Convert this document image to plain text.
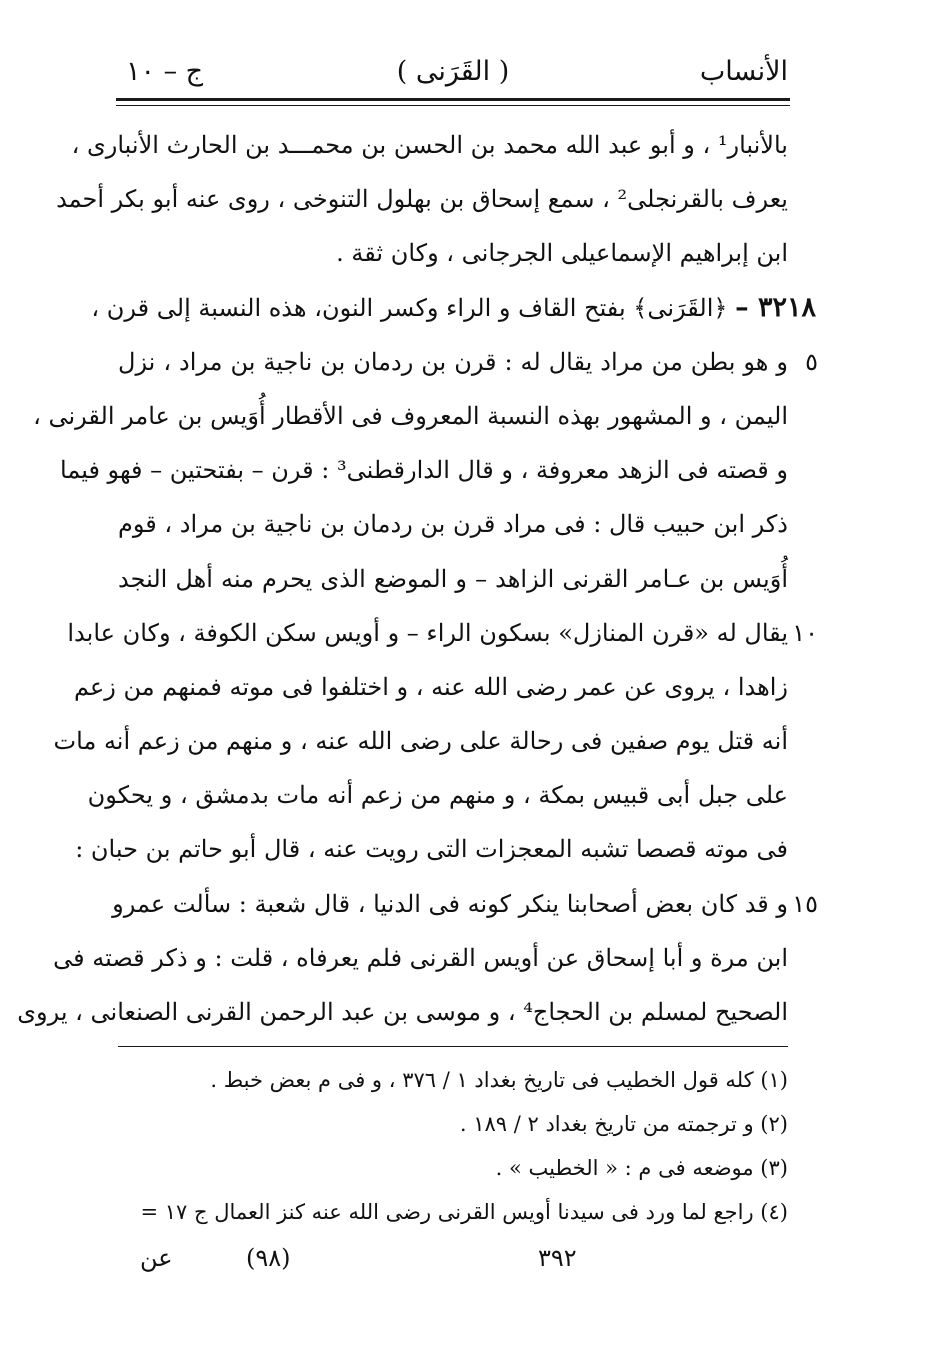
الأنساب
( القَرَنى )
ج – ١٠
بالأنبار¹ ، و أبو عبد الله محمد بن الحسن بن محمـــد بن الحارث الأنبارى ،
يعرف بالقرنجلى² ، سمع إسحاق بن بهلول التنوخى ، روى عنه أبو بكر أحمد
ابن إبراهيم الإسماعيلى الجرجانى ، وكان ثقة .
٣٢١٨ – ﴿القَرَنى﴾ بفتح القاف و الراء وكسر النون، هذه النسبة إلى قرن ،
٥
و هو بطن من مراد يقال له : قرن بن ردمان بن ناجية بن مراد ، نزل
اليمن ، و المشهور بهذه النسبة المعروف فى الأقطار أُوَيس بن عامر القرنى ،
و قصته فى الزهد معروفة ، و قال الدارقطنى³ : قرن – بفتحتين – فهو فيما
ذكر ابن حبيب قال : فى مراد قرن بن ردمان بن ناجية بن مراد ، قوم
أُوَيس بن عـامر القرنى الزاهد – و الموضع الذى يحرم منه أهل النجد
١٠
يقال له «قرن المنازل» بسكون الراء – و أويس سكن الكوفة ، وكان عابدا
زاهدا ، يروى عن عمر رضى الله عنه ، و اختلفوا فى موته فمنهم من زعم
أنه قتل يوم صفين فى رحالة على رضى الله عنه ، و منهم من زعم أنه مات
على جبل أبى قبيس بمكة ، و منهم من زعم أنه مات بدمشق ، و يحكون
فى موته قصصا تشبه المعجزات التى رويت عنه ، قال أبو حاتم بن حبان :
١٥
و قد كان بعض أصحابنا ينكر كونه فى الدنيا ، قال شعبة : سألت عمرو
ابن مرة و أبا إسحاق عن أويس القرنى فلم يعرفاه ، قلت : و ذكر قصته فى
الصحيح لمسلم بن الحجاج⁴ ، و موسى بن عبد الرحمن القرنى الصنعانى ، يروى
(١) كله قول الخطيب فى تاريخ بغداد ١ / ٣٧٦ ، و فى م بعض خبط .
(٢) و ترجمته من تاريخ بغداد ٢ / ١٨٩ .
(٣) موضعه فى م : « الخطيب » .
(٤) راجع لما ورد فى سيدنا أويس القرنى رضى الله عنه كنز العمال ج ١٧ =
٣٩٢
(٩٨)
عن
